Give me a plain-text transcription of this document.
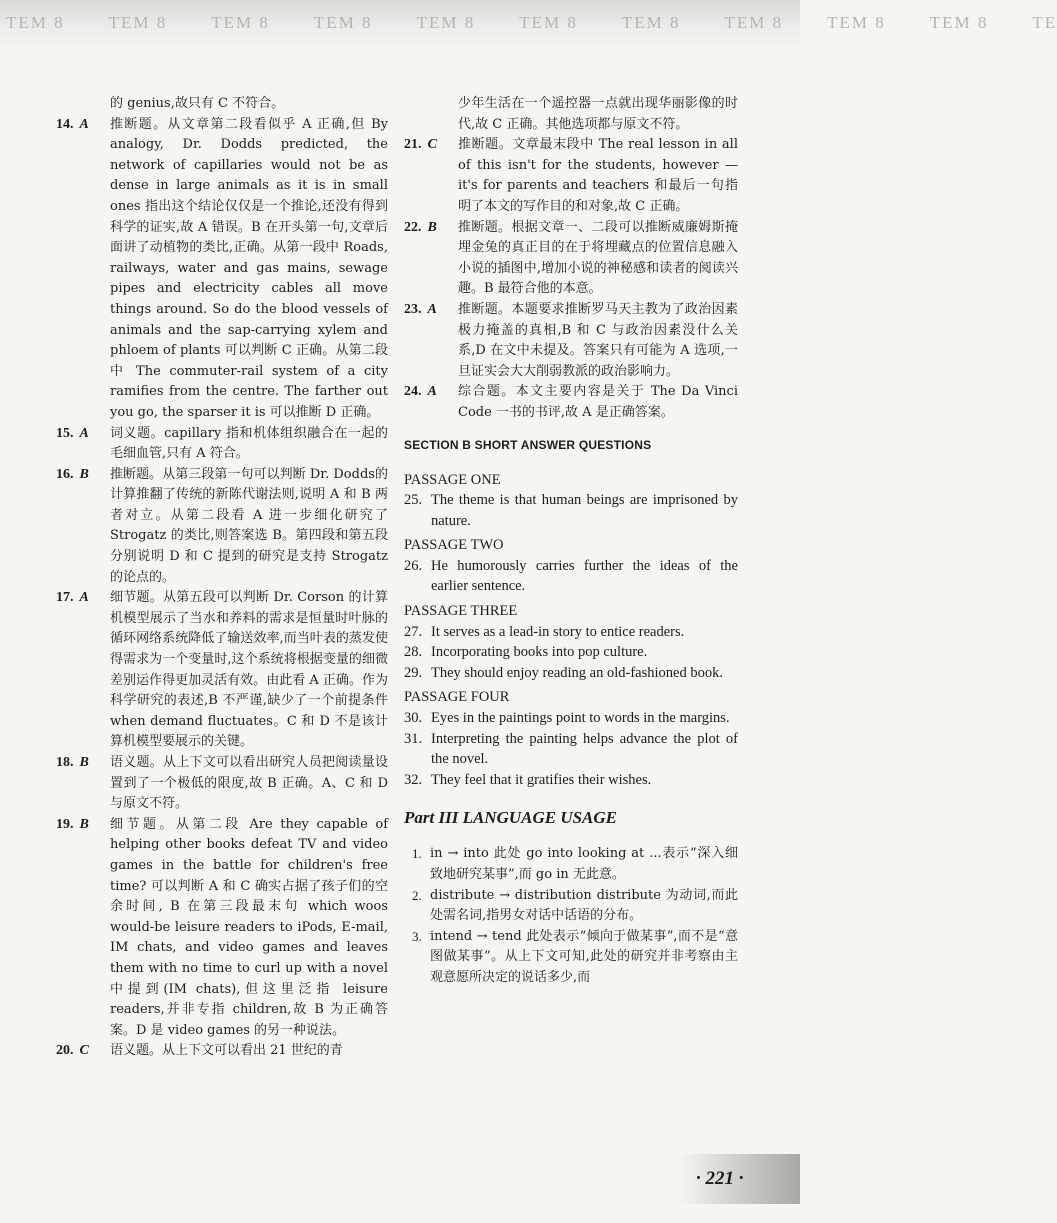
TEM 8	TEM 8	TEM 8	TEM 8	TEM 8	TEM 8	TEM 8	TEM 8	TEM 8	TEM 8	TE
的 genius,故只有 C 不符合。
14. A	推断题。从文章第二段看似乎 A 正确,但 By analogy, Dr. Dodds predicted, the network of capillaries would not be as dense in large animals as it is in small ones 指出这个结论仅仅是一个推论,还没有得到科学的证实,故 A 错误。B 在开头第一句,文章后面讲了动植物的类比,正确。从第一段中 Roads, railways, water and gas mains, sewage pipes and electricity cables all move things around. So do the blood vessels of animals and the sap-carrying xylem and phloem of plants 可以判断 C 正确。从第二段中 The commuter-rail system of a city ramifies from the centre. The farther out you go, the sparser it is 可以推断 D 正确。
15. A	词义题。capillary 指和机体组织融合在一起的毛细血管,只有 A 符合。
16. B	推断题。从第三段第一句可以判断 Dr. Dodds的计算推翻了传统的新陈代谢法则,说明 A 和 B 两者对立。从第二段看 A 进一步细化研究了 Strogatz 的类比,则答案选 B。第四段和第五段分别说明 D 和 C 提到的研究是支持 Strogatz 的论点的。
17. A	细节题。从第五段可以判断 Dr. Corson 的计算机模型展示了当水和养料的需求是恒量时叶脉的循环网络系统降低了输送效率,而当叶表的蒸发使得需求为一个变量时,这个系统将根据变量的细微差别运作得更加灵活有效。由此看 A 正确。作为科学研究的表述,B 不严谨,缺少了一个前提条件 when demand fluctuates。C 和 D 不是该计算机模型要展示的关键。
18. B	语义题。从上下文可以看出研究人员把阅读量设置到了一个极低的限度,故 B 正确。A、C 和 D 与原文不符。
19. B	细节题。从第二段 Are they capable of helping other books defeat TV and video games in the battle for children's free time? 可以判断 A 和 C 确实占据了孩子们的空余时间, B 在第三段最末句 which woos would-be leisure readers to iPods, E-mail, IM chats, and video games and leaves them with no time to curl up with a novel 中提到(IM chats),但这里泛指 leisure readers,并非专指 children,故 B 为正确答案。D 是 video games 的另一种说法。
20. C	语义题。从上下文可以看出 21 世纪的青
少年生活在一个遥控器一点就出现华丽影像的时代,故 C 正确。其他选项都与原文不符。
21. C	推断题。文章最末段中 The real lesson in all of this isn't for the students, however — it's for parents and teachers 和最后一句指明了本文的写作目的和对象,故 C 正确。
22. B	推断题。根据文章一、二段可以推断威廉姆斯掩埋金兔的真正目的在于将埋藏点的位置信息融入小说的插图中,增加小说的神秘感和读者的阅读兴趣。B 最符合他的本意。
23. A	推断题。本题要求推断罗马天主教为了政治因素极力掩盖的真相,B 和 C 与政治因素没什么关系,D 在文中未提及。答案只有可能为 A 选项,一旦证实会大大削弱教派的政治影响力。
24. A	综合题。本文主要内容是关于 The Da Vinci Code 一书的书评,故 A 是正确答案。
SECTION B SHORT ANSWER QUESTIONS
PASSAGE ONE
25. The theme is that human beings are imprisoned by nature.
PASSAGE TWO
26. He humorously carries further the ideas of the earlier sentence.
PASSAGE THREE
27. It serves as a lead-in story to entice readers.
28. Incorporating books into pop culture.
29. They should enjoy reading an old-fashioned book.
PASSAGE FOUR
30. Eyes in the paintings point to words in the margins.
31. Interpreting the painting helps advance the plot of the novel.
32. They feel that it gratifies their wishes.
Part III LANGUAGE USAGE
1. in → into 此处 go into looking at ...表示“深入细致地研究某事”,而 go in 无此意。
2. distribute → distribution distribute 为动词,而此处需名词,指男女对话中话语的分布。
3. intend → tend 此处表示“倾向于做某事”,而不是“意图做某事”。从上下文可知,此处的研究并非考察由主观意愿所决定的说话多少,而
· 221 ·
